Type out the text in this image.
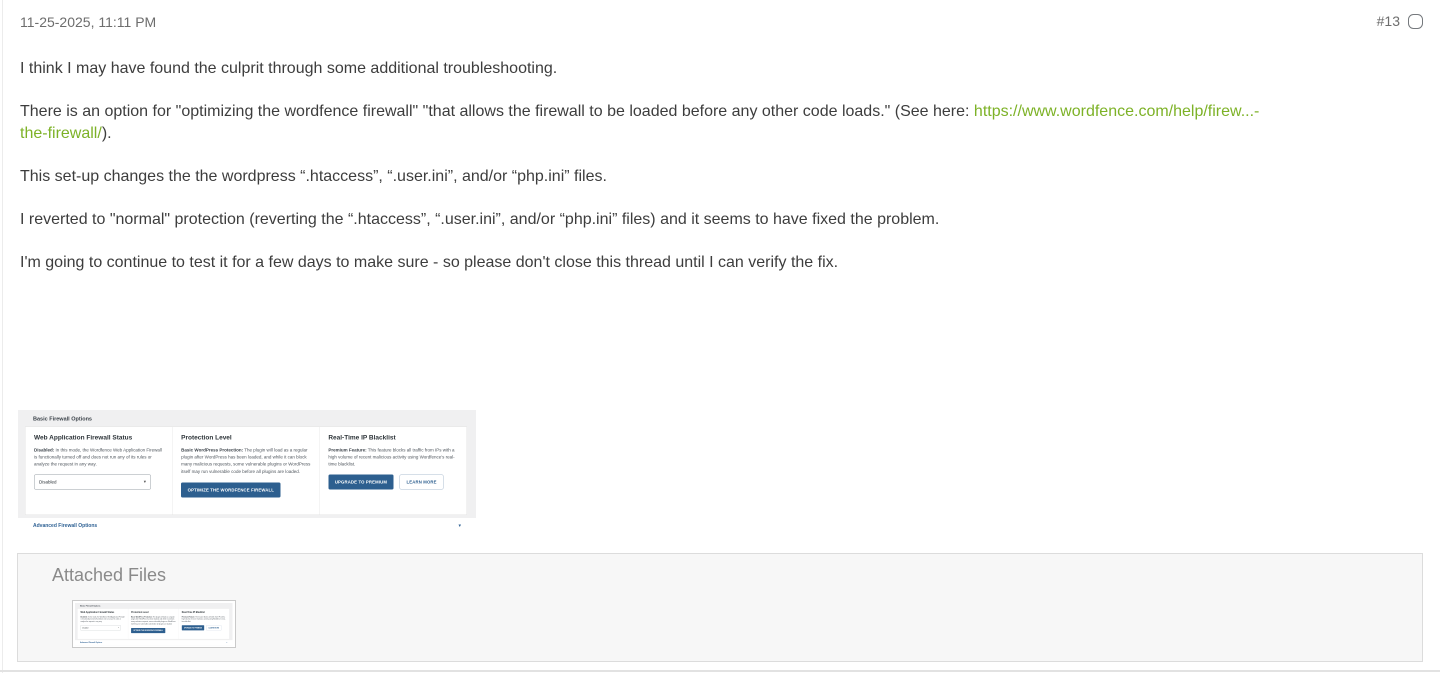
11-25-2025, 11:11 PM	#13

I think I may have found the culprit through some additional troubleshooting.

There is an option for "optimizing the wordfence firewall" "that allows the firewall to be loaded before any other code loads." (See here: https://www.wordfence.com/help/firew...-
the-firewall/).

This set-up changes the the wordpress “.htaccess”, “.user.ini”, and/or “php.ini” files.

I reverted to "normal" protection (reverting the “.htaccess”, “.user.ini”, and/or “php.ini” files) and it seems to have fixed the problem.

I'm going to continue to test it for a few days to make sure - so please don't close this thread until I can verify the fix.

Basic Firewall Options
Web Application Firewall Status

Disabled: In this mode, the Wordfence Web Application Firewall is functionally turned off and does not run any of its rules or analyze the request in any way.

Disabled	▾
Protection Level

Basic WordPress Protection: The plugin will load as a regular plugin after WordPress has been loaded, and while it can block many malicious requests, some vulnerable plugins or WordPress itself may run vulnerable code before all plugins are loaded.

OPTIMIZE THE WORDFENCE FIREWALL
Real-Time IP Blacklist

Premium Feature: This feature blocks all traffic from IPs with a high volume of recent malicious activity using Wordfence's real-time blacklist.

UPGRADE TO PREMIUM	LEARN MORE
Advanced Firewall Options	▾
Attached Files
Basic Firewall Options
Web Application Firewall Status

Disabled: In this mode, the Wordfence Web Application Firewall is functionally turned off and does not run any of its rules or analyze the request in any way.

Disabled	▾
Protection Level

Basic WordPress Protection: The plugin will load as a regular plugin after WordPress has been loaded, and while it can block many malicious requests, some vulnerable plugins or WordPress itself may run vulnerable code before all plugins are loaded.

OPTIMIZE THE WORDFENCE FIREWALL
Real-Time IP Blacklist

Premium Feature: This feature blocks all traffic from IPs with a high volume of recent malicious activity using Wordfence's real-time blacklist.

UPGRADE TO PREMIUM LEARN MORE
Advanced Firewall Options	▾
